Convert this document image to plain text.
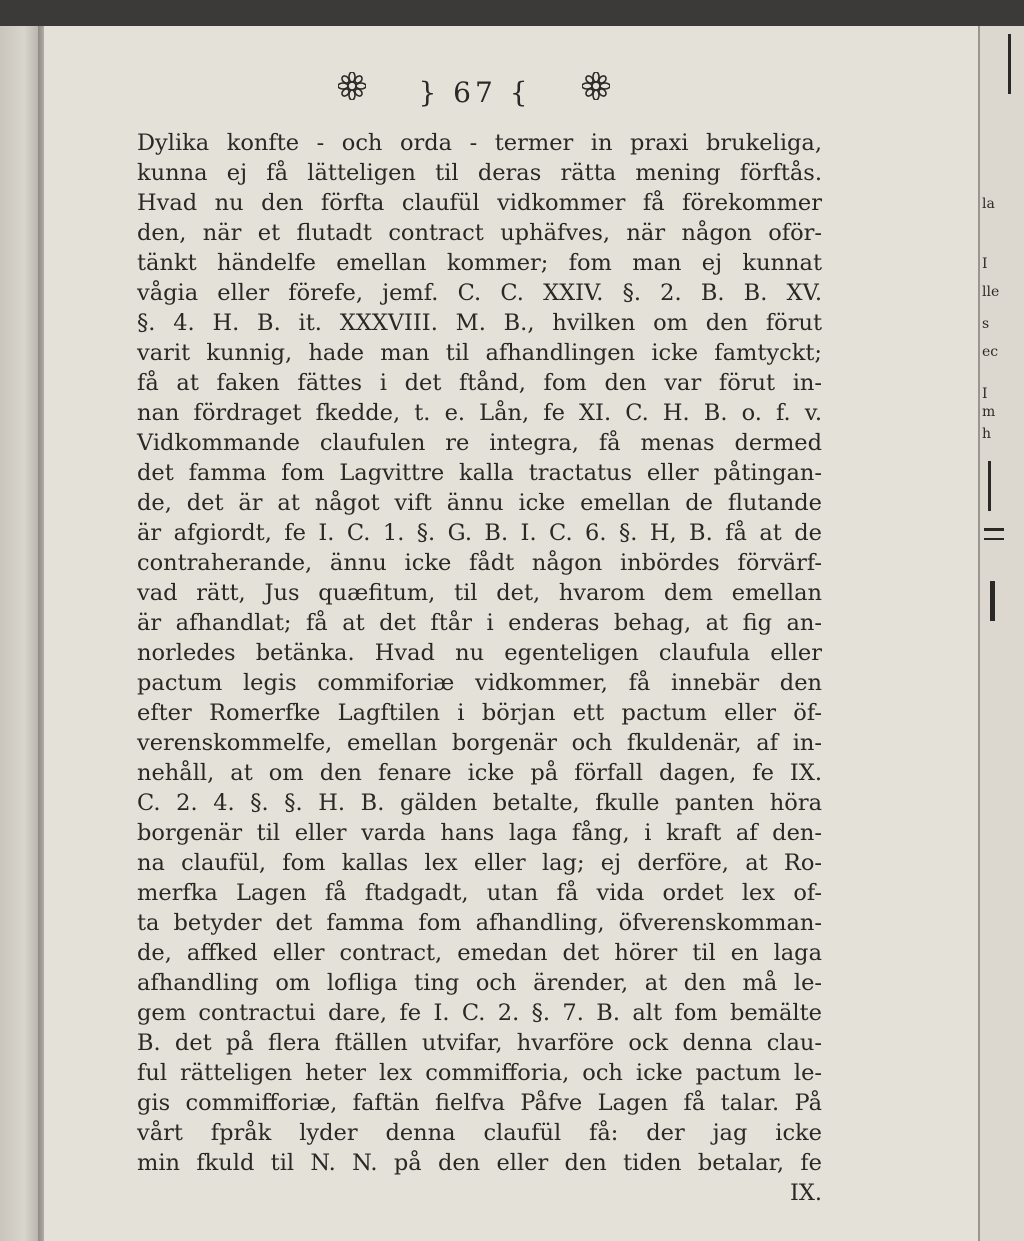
la
I
lle
s
ec
I
m
h
} 67 {
Dylika konfte - och orda - termer in praxi brukeliga,
kunna ej få lätteligen til deras rätta mening förftås.
Hvad nu den förfta claufül vidkommer få förekommer
den, när et flutadt contract uphäfves, när någon oför-
tänkt händelfe emellan kommer; fom man ej kunnat
vågia eller förefe, jemf. C. C. XXIV. §. 2. B. B. XV.
§. 4. H. B. it. XXXVIII. M. B., hvilken om den förut
varit kunnig, hade man til afhandlingen icke famtyckt;
få at faken fättes i det ftånd, fom den var förut in-
nan fördraget fkedde, t. e. Lån, fe XI. C. H. B. o. f. v.
Vidkommande claufulen re integra, få menas dermed
det famma fom Lagvittre kalla tractatus eller påtingan-
de, det är at något vift ännu icke emellan de flutande
är afgiordt, fe I. C. 1. §. G. B. I. C. 6. §. H, B. få at de
contraherande, ännu icke fådt någon inbördes förvärf-
vad rätt, Jus quæfitum, til det, hvarom dem emellan
är afhandlat; få at det ftår i enderas behag, at fig an-
norledes betänka. Hvad nu egenteligen claufula eller
pactum legis commiforiæ vidkommer, få innebär den
efter Romerfke Lagftilen i början ett pactum eller öf-
verenskommelfe, emellan borgenär och fkuldenär, af in-
nehåll, at om den fenare icke på förfall dagen, fe IX.
C. 2. 4. §. §. H. B. gälden betalte, fkulle panten höra
borgenär til eller varda hans laga fång, i kraft af den-
na claufül, fom kallas lex eller lag; ej derföre, at Ro-
merfka Lagen få ftadgadt, utan få vida ordet lex of-
ta betyder det famma fom afhandling, öfverenskomman-
de, affked eller contract, emedan det hörer til en laga
afhandling om lofliga ting och ärender, at den må le-
gem contractui dare, fe I. C. 2. §. 7. B. alt fom bemälte
B. det på flera ftällen utvifar, hvarföre ock denna clau-
ful rätteligen heter lex commifforia, och icke pactum le-
gis commifforiæ, faftän fielfva Påfve Lagen få talar. På
vårt fpråk lyder denna claufül få: der jag icke
min fkuld til N. N. på den eller den tiden betalar, fe
IX.
